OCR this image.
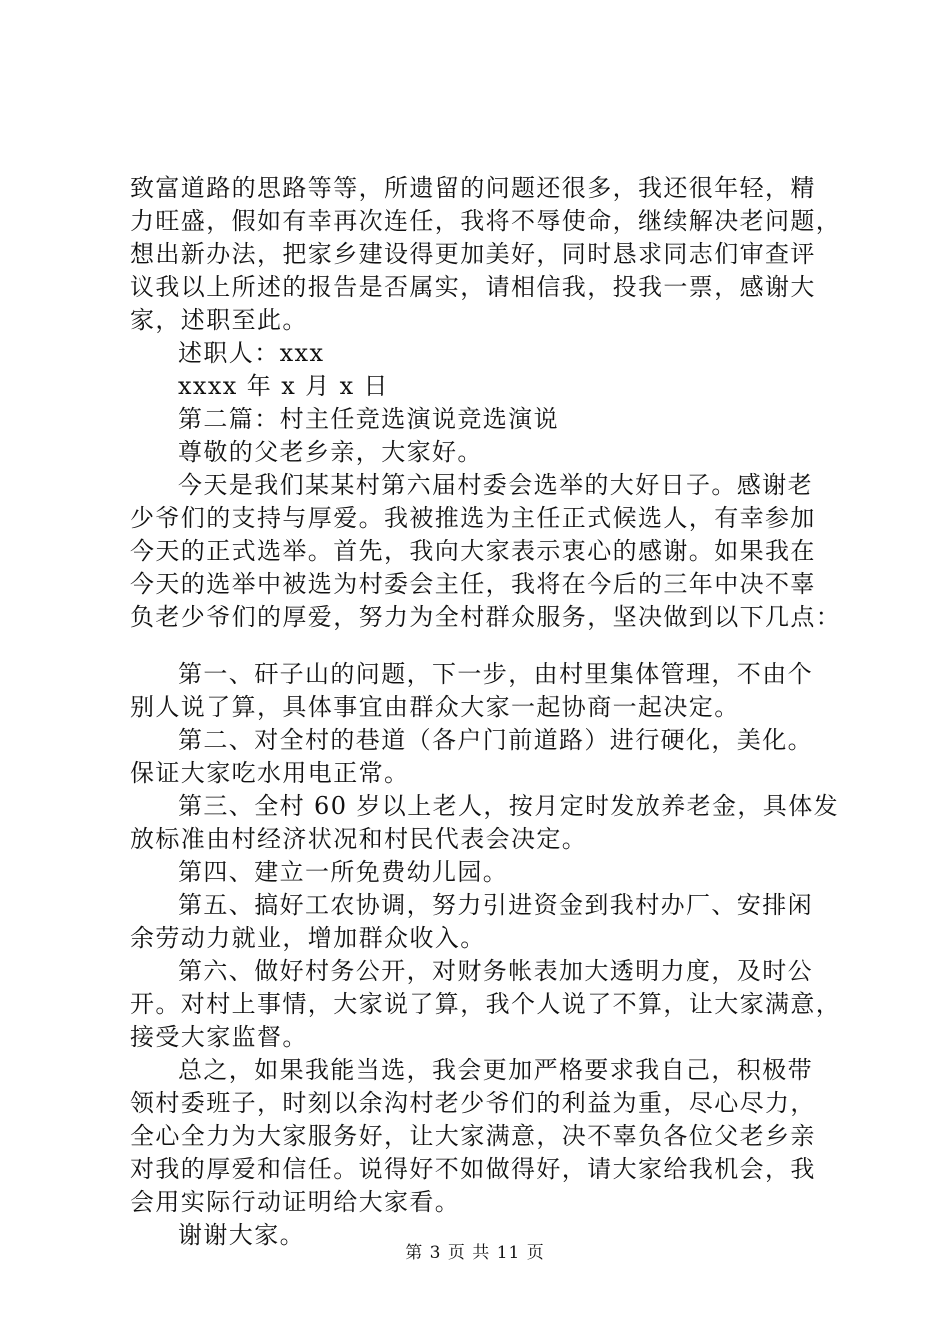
致富道路的思路等等，所遗留的问题还很多，我还很年轻，精
力旺盛，假如有幸再次连任，我将不辱使命，继续解决老问题，
想出新办法，把家乡建设得更加美好，同时恳求同志们审查评
议我以上所述的报告是否属实，请相信我，投我一票，感谢大
家，述职至此。
述职人：xxx
xxxx 年 x 月 x 日
第二篇：村主任竞选演说竞选演说
尊敬的父老乡亲，大家好。
今天是我们某某村第六届村委会选举的大好日子。感谢老
少爷们的支持与厚爱。我被推选为主任正式候选人，有幸参加
今天的正式选举。首先，我向大家表示衷心的感谢。如果我在
今天的选举中被选为村委会主任，我将在今后的三年中决不辜
负老少爷们的厚爱，努力为全村群众服务，坚决做到以下几点：
第一、矸子山的问题，下一步，由村里集体管理，不由个
别人说了算，具体事宜由群众大家一起协商一起决定。
第二、对全村的巷道（各户门前道路）进行硬化，美化。
保证大家吃水用电正常。
第三、全村 60 岁以上老人，按月定时发放养老金，具体发
放标准由村经济状况和村民代表会决定。
第四、建立一所免费幼儿园。
第五、搞好工农协调，努力引进资金到我村办厂、安排闲
余劳动力就业，增加群众收入。
第六、做好村务公开，对财务帐表加大透明力度，及时公
开。对村上事情，大家说了算，我个人说了不算，让大家满意，
接受大家监督。
总之，如果我能当选，我会更加严格要求我自己，积极带
领村委班子，时刻以余沟村老少爷们的利益为重，尽心尽力，
全心全力为大家服务好，让大家满意，决不辜负各位父老乡亲
对我的厚爱和信任。说得好不如做得好，请大家给我机会，我
会用实际行动证明给大家看。
谢谢大家。
第 3 页 共 11 页
